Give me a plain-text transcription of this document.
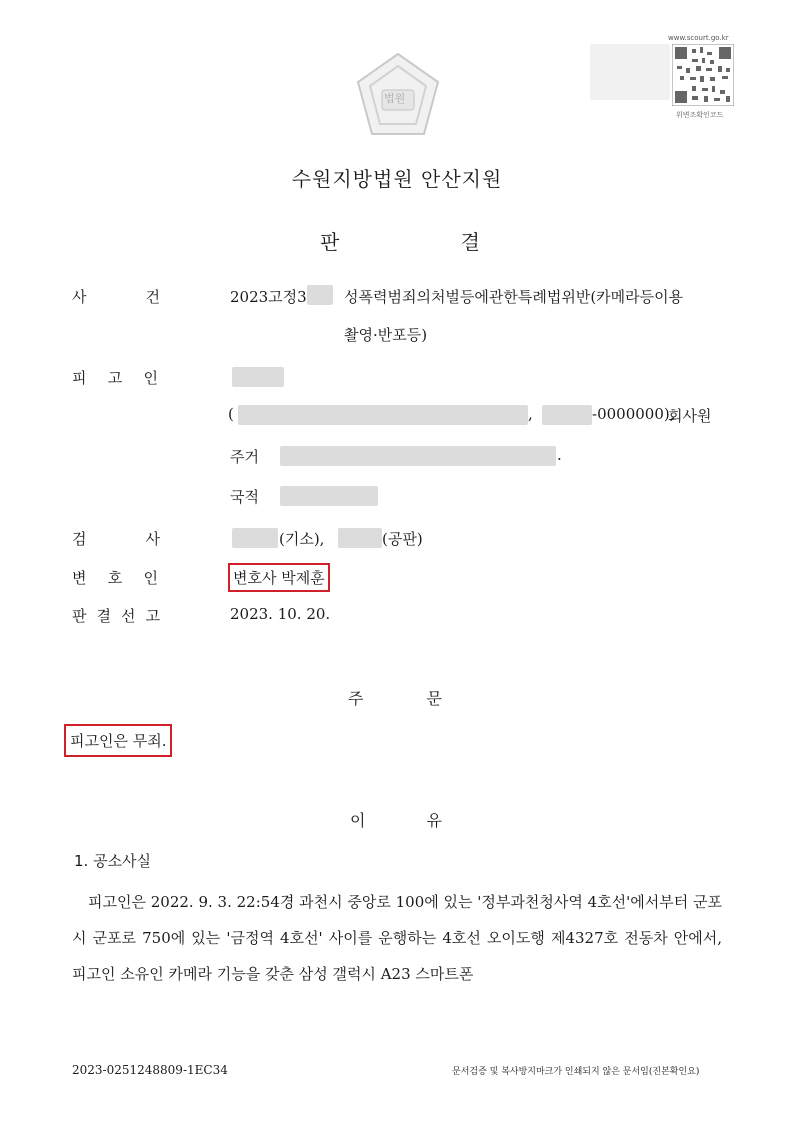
법원
www.scourt.go.kr
위변조확인코드
수원지방법원 안산지원
판	결
사	건	2023고정3 성폭력범죄의처벌등에관한특례법위반(카메라등이용
촬영·반포등)
피 고 인
(	,	-0000000),
회사원
주거	.
국적
검	사	(기소),	(공판)
변 호 인	변호사 박제훈
판 결 선 고	2023. 10. 20.
주	문
피고인은 무죄.
이	유
1. 공소사실
피고인은 2022. 9. 3. 22:54경 과천시 중앙로 100에 있는 '정부과천청사역 4호선'에서부터 군포시 군포로 750에 있는 '금정역 4호선' 사이를 운행하는 4호선 오이도행 제4327호 전동차 안에서, 피고인 소유인 카메라 기능을 갖춘 삼성 갤럭시 A23 스마트폰
2023-0251248809-1EC34	문서검증 및 복사방지마크가 인쇄되지 않은 문서임(진본확인요)
